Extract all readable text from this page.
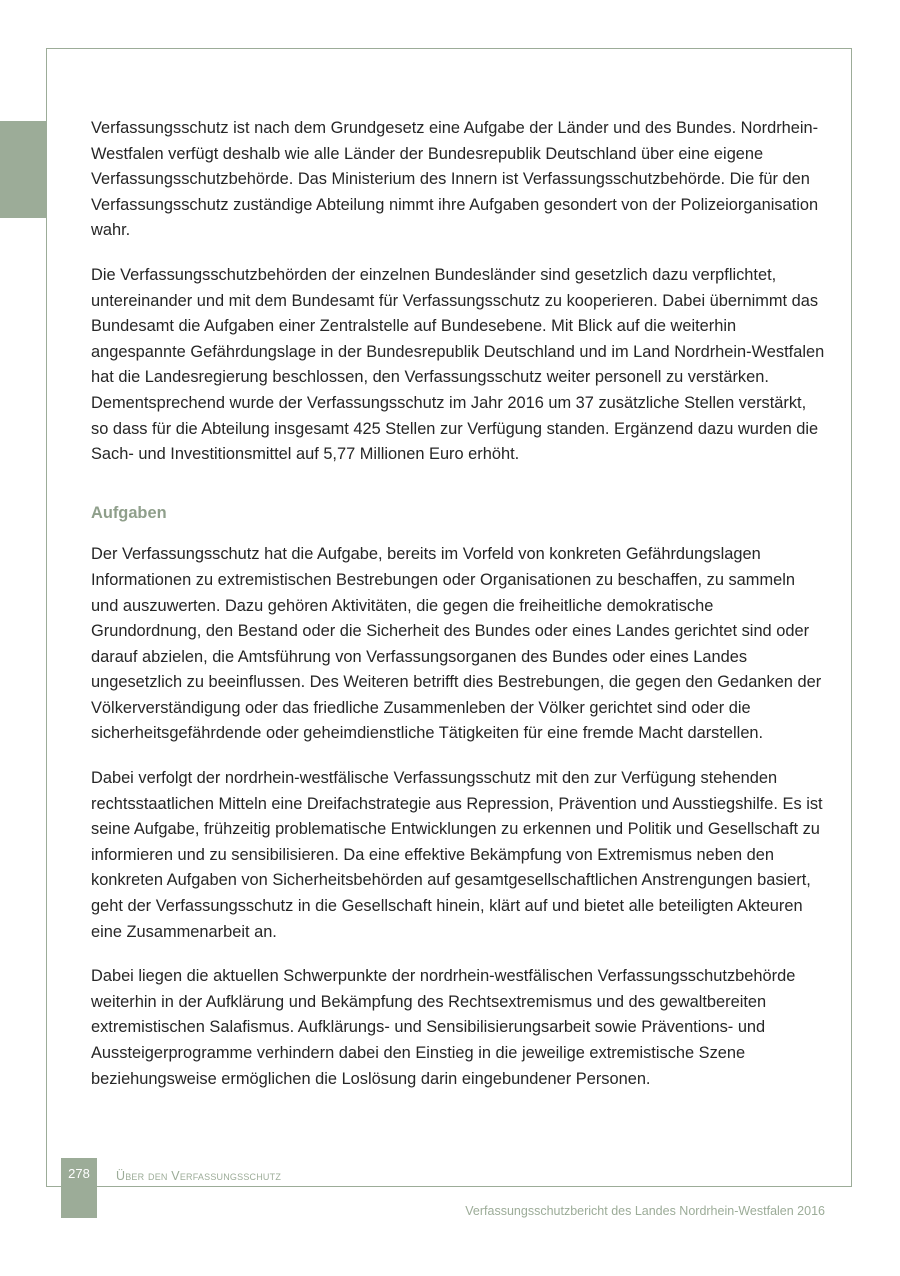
Verfassungsschutz ist nach dem Grundgesetz eine Aufgabe der Länder und des Bundes. Nordrhein-Westfalen verfügt deshalb wie alle Länder der Bundesrepublik Deutschland über eine eigene Verfassungsschutzbehörde. Das Ministerium des Innern ist Verfassungsschutzbehörde. Die für den Verfassungsschutz zuständige Abteilung nimmt ihre Aufgaben gesondert von der Polizeiorganisation wahr.

Die Verfassungsschutzbehörden der einzelnen Bundesländer sind gesetzlich dazu verpflichtet, untereinander und mit dem Bundesamt für Verfassungsschutz zu kooperieren. Dabei übernimmt das Bundesamt die Aufgaben einer Zentralstelle auf Bundesebene. Mit Blick auf die weiterhin angespannte Gefährdungslage in der Bundesrepublik Deutschland und im Land Nordrhein-Westfalen hat die Landesregierung beschlossen, den Verfassungsschutz weiter personell zu verstärken. Dementsprechend wurde der Verfassungsschutz im Jahr 2016 um 37 zusätzliche Stellen verstärkt, so dass für die Abteilung insgesamt 425 Stellen zur Verfügung standen. Ergänzend dazu wurden die Sach- und Investitionsmittel auf 5,77 Millionen Euro erhöht.

Aufgaben

Der Verfassungsschutz hat die Aufgabe, bereits im Vorfeld von konkreten Gefährdungslagen Informationen zu extremistischen Bestrebungen oder Organisationen zu beschaffen, zu sammeln und auszuwerten. Dazu gehören Aktivitäten, die gegen die freiheitliche demokratische Grundordnung, den Bestand oder die Sicherheit des Bundes oder eines Landes gerichtet sind oder darauf abzielen, die Amtsführung von Verfassungsorganen des Bundes oder eines Landes ungesetzlich zu beeinflussen. Des Weiteren betrifft dies Bestrebungen, die gegen den Gedanken der Völkerverständigung oder das friedliche Zusammenleben der Völker gerichtet sind oder die sicherheitsgefährdende oder geheimdienstliche Tätigkeiten für eine fremde Macht darstellen.

Dabei verfolgt der nordrhein-westfälische Verfassungsschutz mit den zur Verfügung stehenden rechtsstaatlichen Mitteln eine Dreifachstrategie aus Repression, Prävention und Ausstiegshilfe. Es ist seine Aufgabe, frühzeitig problematische Entwicklungen zu erkennen und Politik und Gesellschaft zu informieren und zu sensibilisieren. Da eine effektive Bekämpfung von Extremismus neben den konkreten Aufgaben von Sicherheitsbehörden auf gesamtgesellschaftlichen Anstrengungen basiert, geht der Verfassungsschutz in die Gesellschaft hinein, klärt auf und bietet alle beteiligten Akteuren eine Zusammenarbeit an.

Dabei liegen die aktuellen Schwerpunkte der nordrhein-westfälischen Verfassungsschutzbehörde weiterhin in der Aufklärung und Bekämpfung des Rechtsextremismus und des gewaltbereiten extremistischen Salafismus. Aufklärungs- und Sensibilisierungsarbeit sowie Präventions- und Aussteigerprogramme verhindern dabei den Einstieg in die jeweilige extremistische Szene beziehungsweise ermöglichen die Loslösung darin eingebundener Personen.

278	Über den Verfassungsschutz
Verfassungsschutzbericht des Landes Nordrhein-Westfalen 2016
